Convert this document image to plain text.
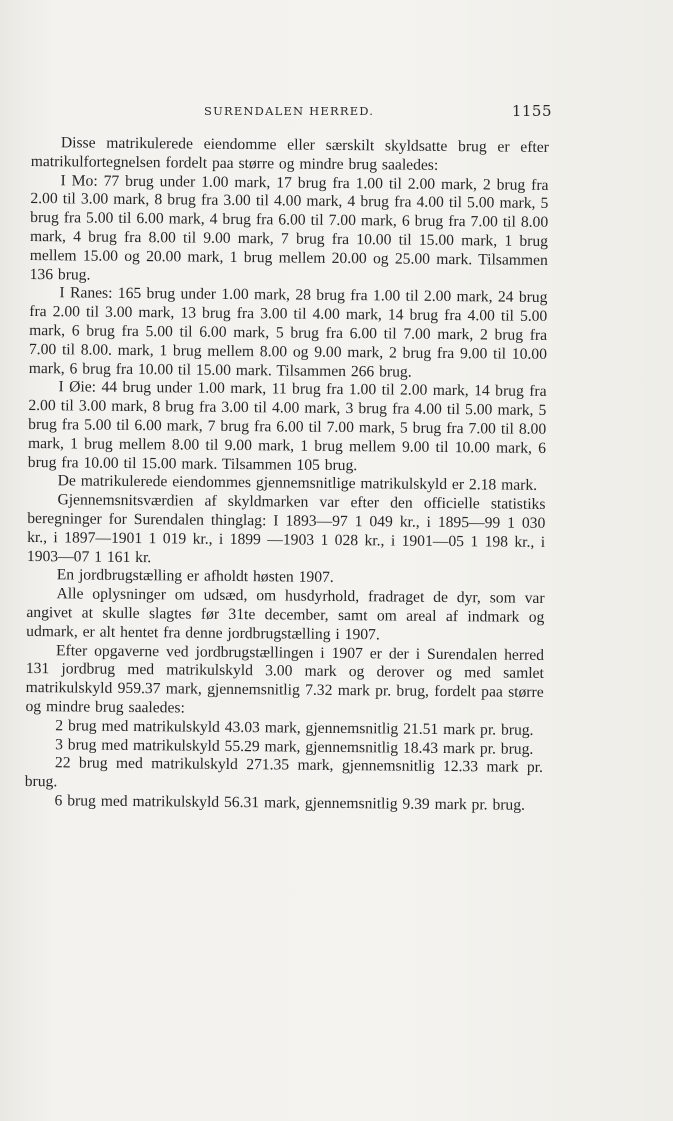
SURENDALEN HERRED.	1155

Disse matrikulerede eiendomme eller særskilt skyldsatte brug er efter matrikulfortegnelsen fordelt paa større og mindre brug saaledes:

I Mo: 77 brug under 1.00 mark, 17 brug fra 1.00 til 2.00 mark, 2 brug fra 2.00 til 3.00 mark, 8 brug fra 3.00 til 4.00 mark, 4 brug fra 4.00 til 5.00 mark, 5 brug fra 5.00 til 6.00 mark, 4 brug fra 6.00 til 7.00 mark, 6 brug fra 7.00 til 8.00 mark, 4 brug fra 8.00 til 9.00 mark, 7 brug fra 10.00 til 15.00 mark, 1 brug mellem 15.00 og 20.00 mark, 1 brug mellem 20.00 og 25.00 mark. Tilsammen 136 brug.

I Ranes: 165 brug under 1.00 mark, 28 brug fra 1.00 til 2.00 mark, 24 brug fra 2.00 til 3.00 mark, 13 brug fra 3.00 til 4.00 mark, 14 brug fra 4.00 til 5.00 mark, 6 brug fra 5.00 til 6.00 mark, 5 brug fra 6.00 til 7.00 mark, 2 brug fra 7.00 til 8.00. mark, 1 brug mellem 8.00 og 9.00 mark, 2 brug fra 9.00 til 10.00 mark, 6 brug fra 10.00 til 15.00 mark. Tilsammen 266 brug.

I Øie: 44 brug under 1.00 mark, 11 brug fra 1.00 til 2.00 mark, 14 brug fra 2.00 til 3.00 mark, 8 brug fra 3.00 til 4.00 mark, 3 brug fra 4.00 til 5.00 mark, 5 brug fra 5.00 til 6.00 mark, 7 brug fra 6.00 til 7.00 mark, 5 brug fra 7.00 til 8.00 mark, 1 brug mellem 8.00 til 9.00 mark, 1 brug mellem 9.00 til 10.00 mark, 6 brug fra 10.00 til 15.00 mark. Tilsammen 105 brug.

De matrikulerede eiendommes gjennemsnitlige matrikulskyld er 2.18 mark.

Gjennemsnitsværdien af skyldmarken var efter den officielle statistiks beregninger for Surendalen thinglag: I 1893—97 1 049 kr., i 1895—99 1 030 kr., i 1897—1901 1 019 kr., i 1899 —1903 1 028 kr., i 1901—05 1 198 kr., i 1903—07 1 161 kr.

En jordbrugstælling er afholdt høsten 1907.

Alle oplysninger om udsæd, om husdyrhold, fradraget de dyr, som var angivet at skulle slagtes før 31te december, samt om areal af indmark og udmark, er alt hentet fra denne jordbrugstælling i 1907.

Efter opgaverne ved jordbrugstællingen i 1907 er der i Surendalen herred 131 jordbrug med matrikulskyld 3.00 mark og derover og med samlet matrikulskyld 959.37 mark, gjennemsnitlig 7.32 mark pr. brug, fordelt paa større og mindre brug saaledes:

2 brug med matrikulskyld 43.03 mark, gjennemsnitlig 21.51 mark pr. brug.

3 brug med matrikulskyld 55.29 mark, gjennemsnitlig 18.43 mark pr. brug.

22 brug med matrikulskyld 271.35 mark, gjennemsnitlig 12.33 mark pr. brug.

6 brug med matrikulskyld 56.31 mark, gjennemsnitlig 9.39 mark pr. brug.
